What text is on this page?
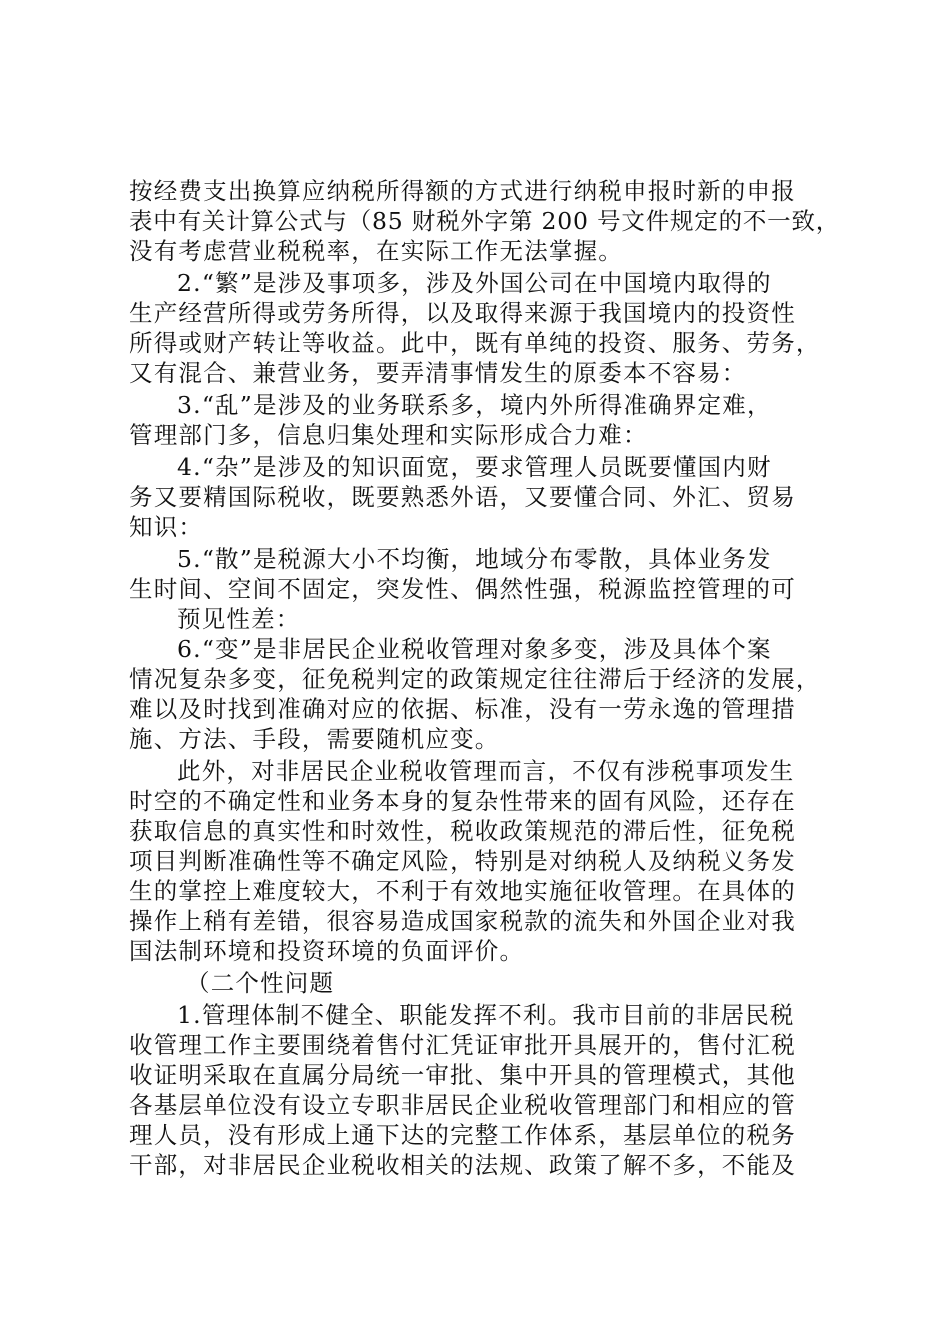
按经费支出换算应纳税所得额的方式进行纳税申报时新的申报
表中有关计算公式与（85 财税外字第 200 号文件规定的不一致，
没有考虑营业税税率，在实际工作无法掌握。
2.“繁”是涉及事项多，涉及外国公司在中国境内取得的
生产经营所得或劳务所得，以及取得来源于我国境内的投资性
所得或财产转让等收益。此中，既有单纯的投资、服务、劳务，
又有混合、兼营业务，要弄清事情发生的原委本不容易：
3.“乱”是涉及的业务联系多，境内外所得准确界定难，
管理部门多，信息归集处理和实际形成合力难：
4.“杂”是涉及的知识面宽，要求管理人员既要懂国内财
务又要精国际税收，既要熟悉外语，又要懂合同、外汇、贸易
知识：
5.“散”是税源大小不均衡，地域分布零散，具体业务发
生时间、空间不固定，突发性、偶然性强，税源监控管理的可
预见性差：
6.“变”是非居民企业税收管理对象多变，涉及具体个案
情况复杂多变，征免税判定的政策规定往往滞后于经济的发展，
难以及时找到准确对应的依据、标准，没有一劳永逸的管理措
施、方法、手段，需要随机应变。
此外，对非居民企业税收管理而言，不仅有涉税事项发生
时空的不确定性和业务本身的复杂性带来的固有风险，还存在
获取信息的真实性和时效性，税收政策规范的滞后性，征免税
项目判断准确性等不确定风险，特别是对纳税人及纳税义务发
生的掌控上难度较大，不利于有效地实施征收管理。在具体的
操作上稍有差错，很容易造成国家税款的流失和外国企业对我
国法制环境和投资环境的负面评价。
（二个性问题
1.管理体制不健全、职能发挥不利。我市目前的非居民税
收管理工作主要围绕着售付汇凭证审批开具展开的，售付汇税
收证明采取在直属分局统一审批、集中开具的管理模式，其他
各基层单位没有设立专职非居民企业税收管理部门和相应的管
理人员，没有形成上通下达的完整工作体系，基层单位的税务
干部，对非居民企业税收相关的法规、政策了解不多，不能及
